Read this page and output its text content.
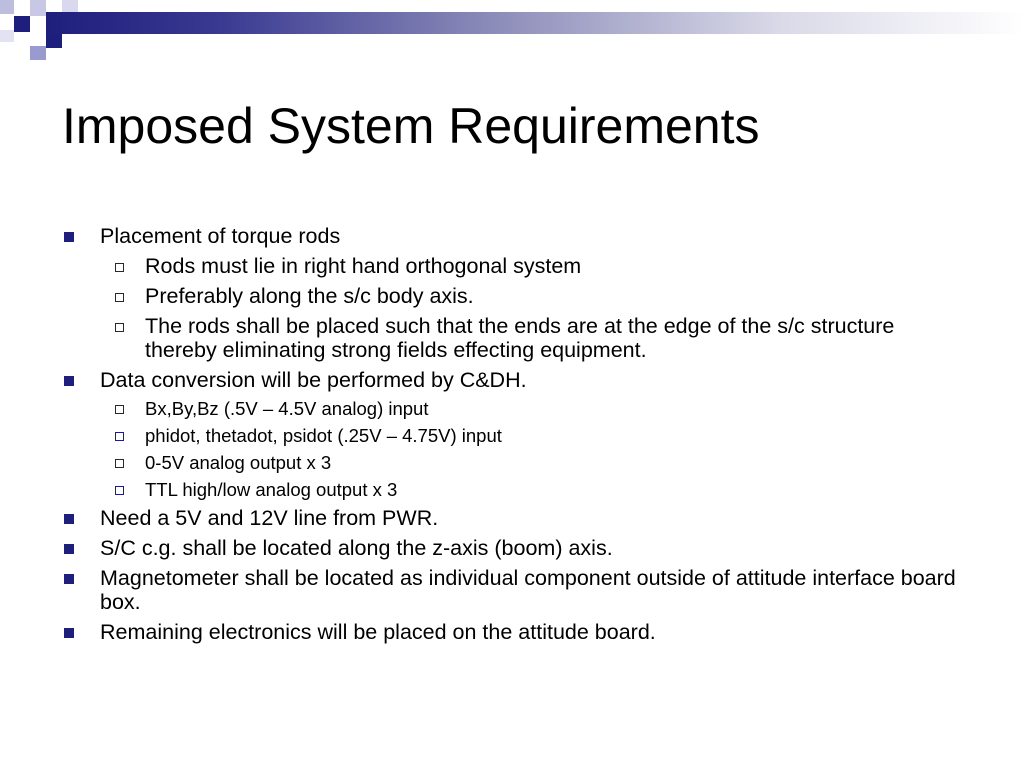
Imposed System Requirements
Placement of torque rods
Rods must lie in right hand orthogonal system
Preferably along the s/c body axis.
The rods shall be placed such that the ends are at the edge of the s/c structure thereby eliminating strong fields effecting equipment.
Data conversion will be performed by C&DH.
Bx,By,Bz (.5V – 4.5V analog) input
phidot, thetadot, psidot (.25V – 4.75V) input
0-5V analog output x 3
TTL high/low analog output x 3
Need a 5V and 12V line from PWR.
S/C c.g. shall be located along the z-axis (boom) axis.
Magnetometer shall be located as individual component outside of attitude interface board box.
Remaining electronics will be placed on the attitude board.
